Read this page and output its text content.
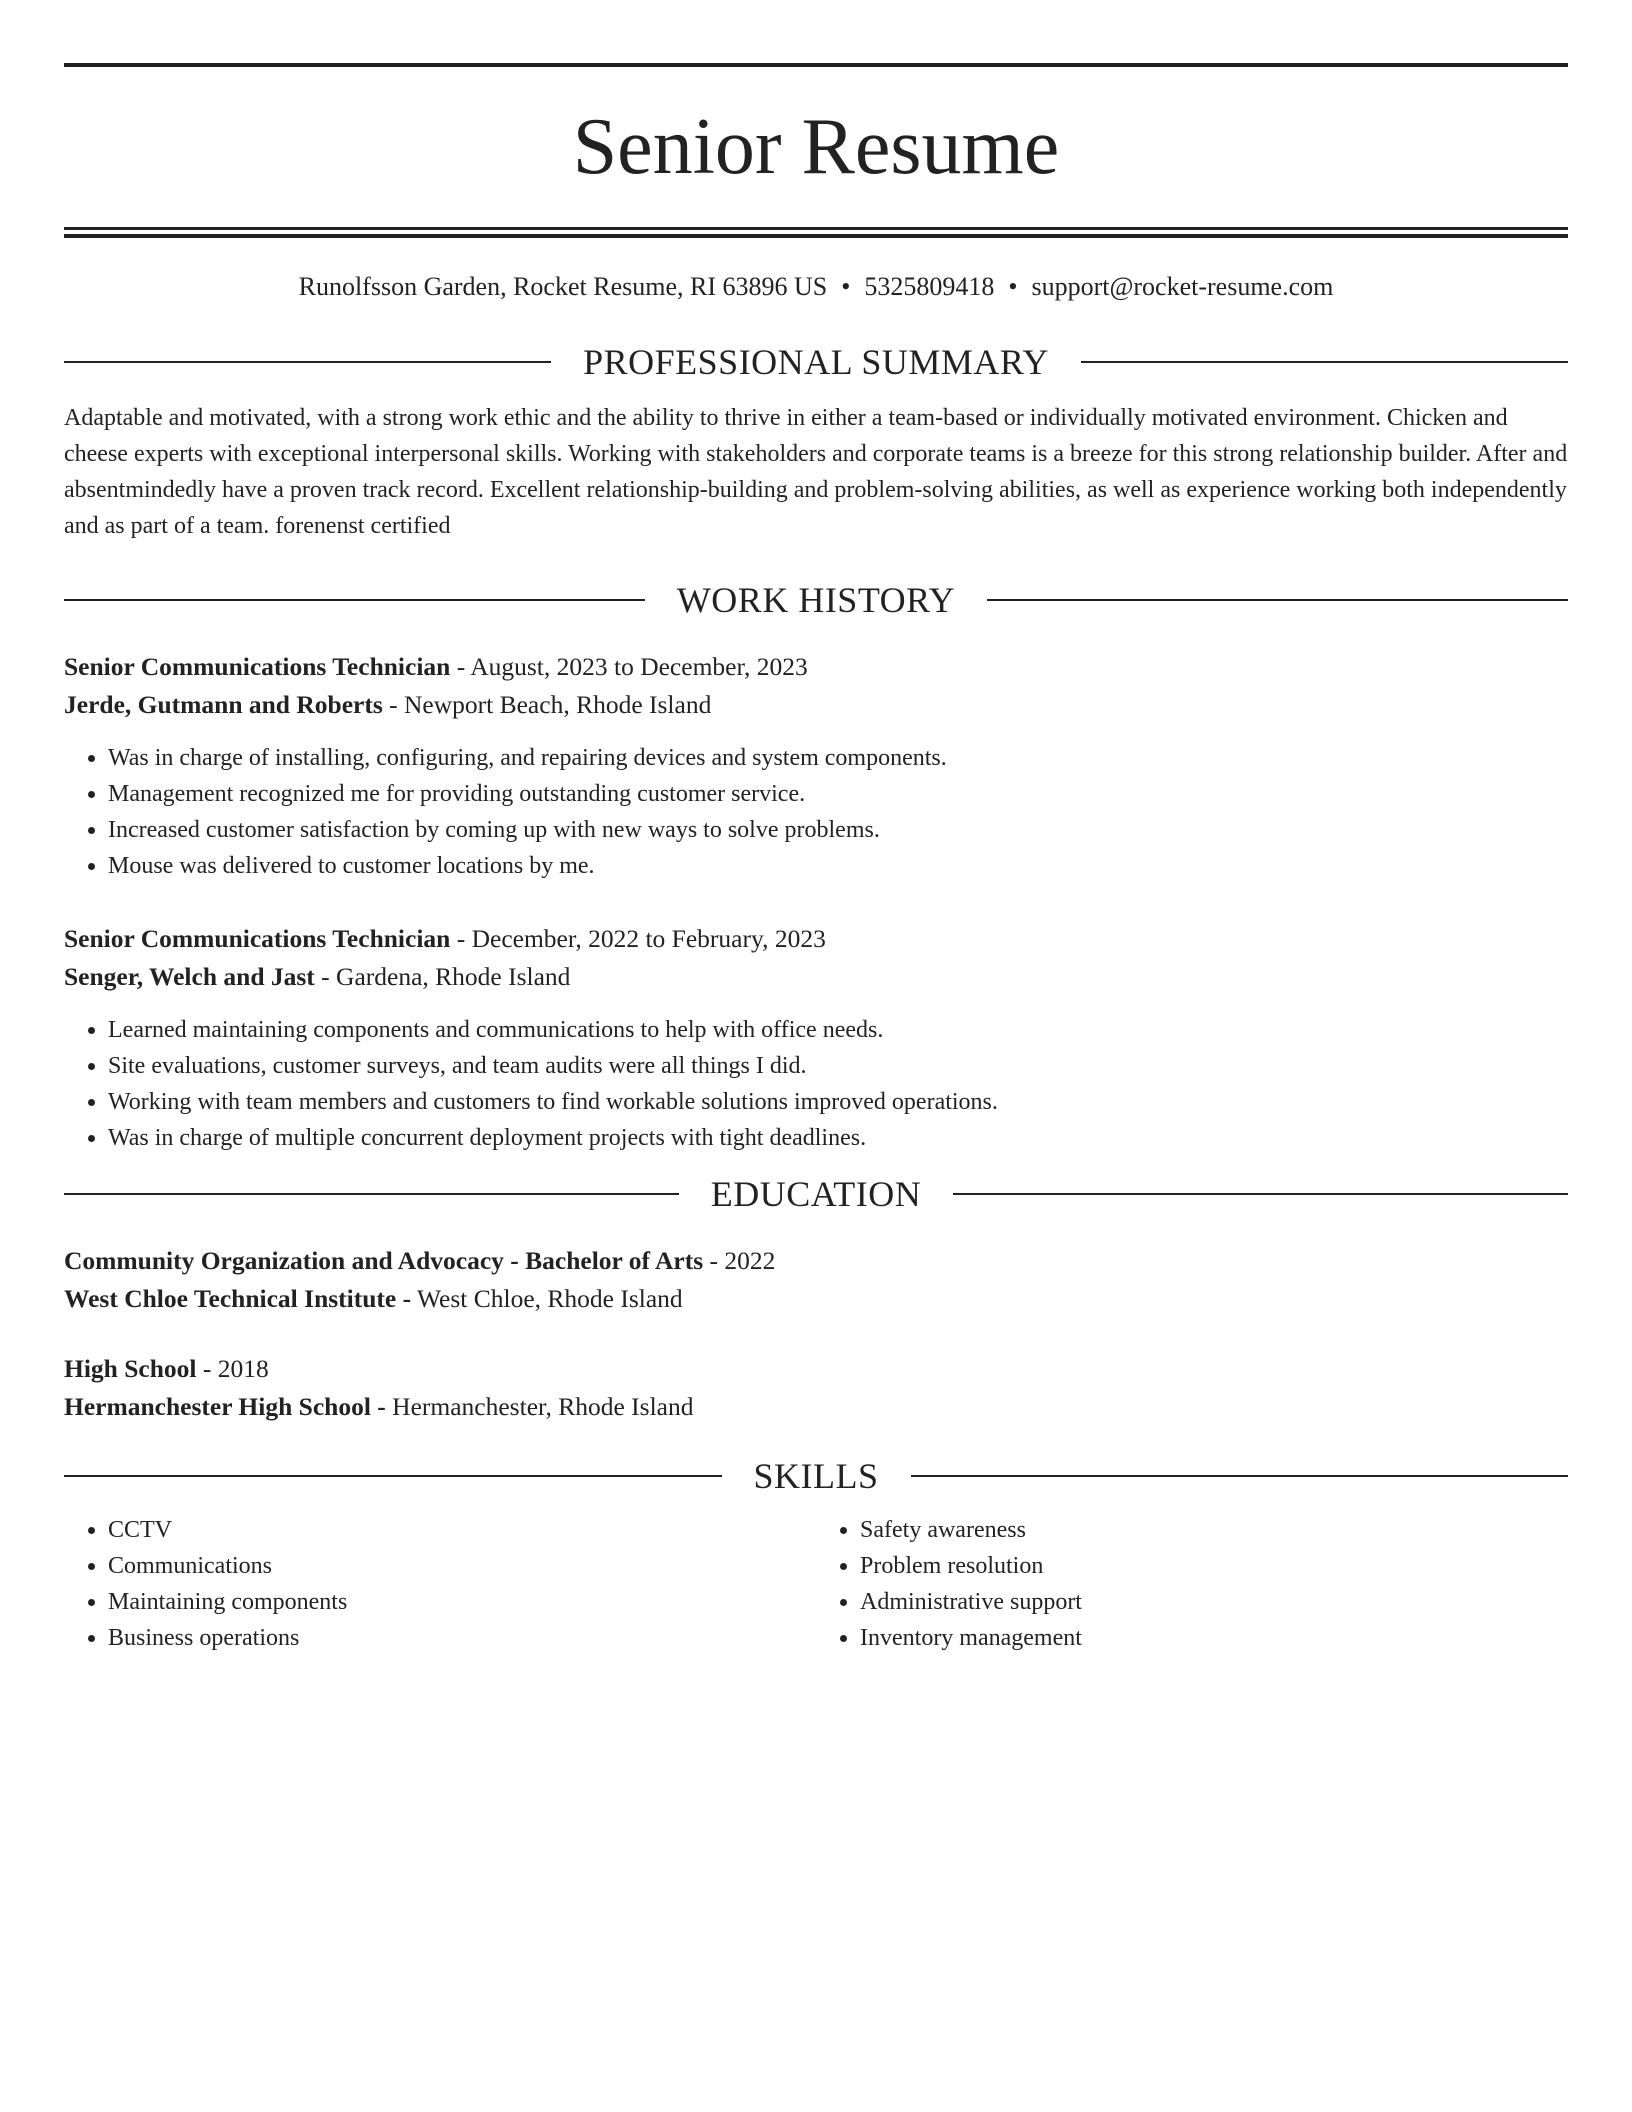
Senior Resume
Runolfsson Garden, Rocket Resume, RI 63896 US • 5325809418 • support@rocket-resume.com
PROFESSIONAL SUMMARY
Adaptable and motivated, with a strong work ethic and the ability to thrive in either a team-based or individually motivated environment. Chicken and cheese experts with exceptional interpersonal skills. Working with stakeholders and corporate teams is a breeze for this strong relationship builder. After and absentmindedly have a proven track record. Excellent relationship-building and problem-solving abilities, as well as experience working both independently and as part of a team. forenenst certified
WORK HISTORY
Senior Communications Technician - August, 2023 to December, 2023
Jerde, Gutmann and Roberts - Newport Beach, Rhode Island
• Was in charge of installing, configuring, and repairing devices and system components.
• Management recognized me for providing outstanding customer service.
• Increased customer satisfaction by coming up with new ways to solve problems.
• Mouse was delivered to customer locations by me.
Senior Communications Technician - December, 2022 to February, 2023
Senger, Welch and Jast - Gardena, Rhode Island
• Learned maintaining components and communications to help with office needs.
• Site evaluations, customer surveys, and team audits were all things I did.
• Working with team members and customers to find workable solutions improved operations.
• Was in charge of multiple concurrent deployment projects with tight deadlines.
EDUCATION
Community Organization and Advocacy - Bachelor of Arts - 2022
West Chloe Technical Institute - West Chloe, Rhode Island
High School - 2018
Hermanchester High School - Hermanchester, Rhode Island
SKILLS
• CCTV
• Communications
• Maintaining components
• Business operations
• Safety awareness
• Problem resolution
• Administrative support
• Inventory management
